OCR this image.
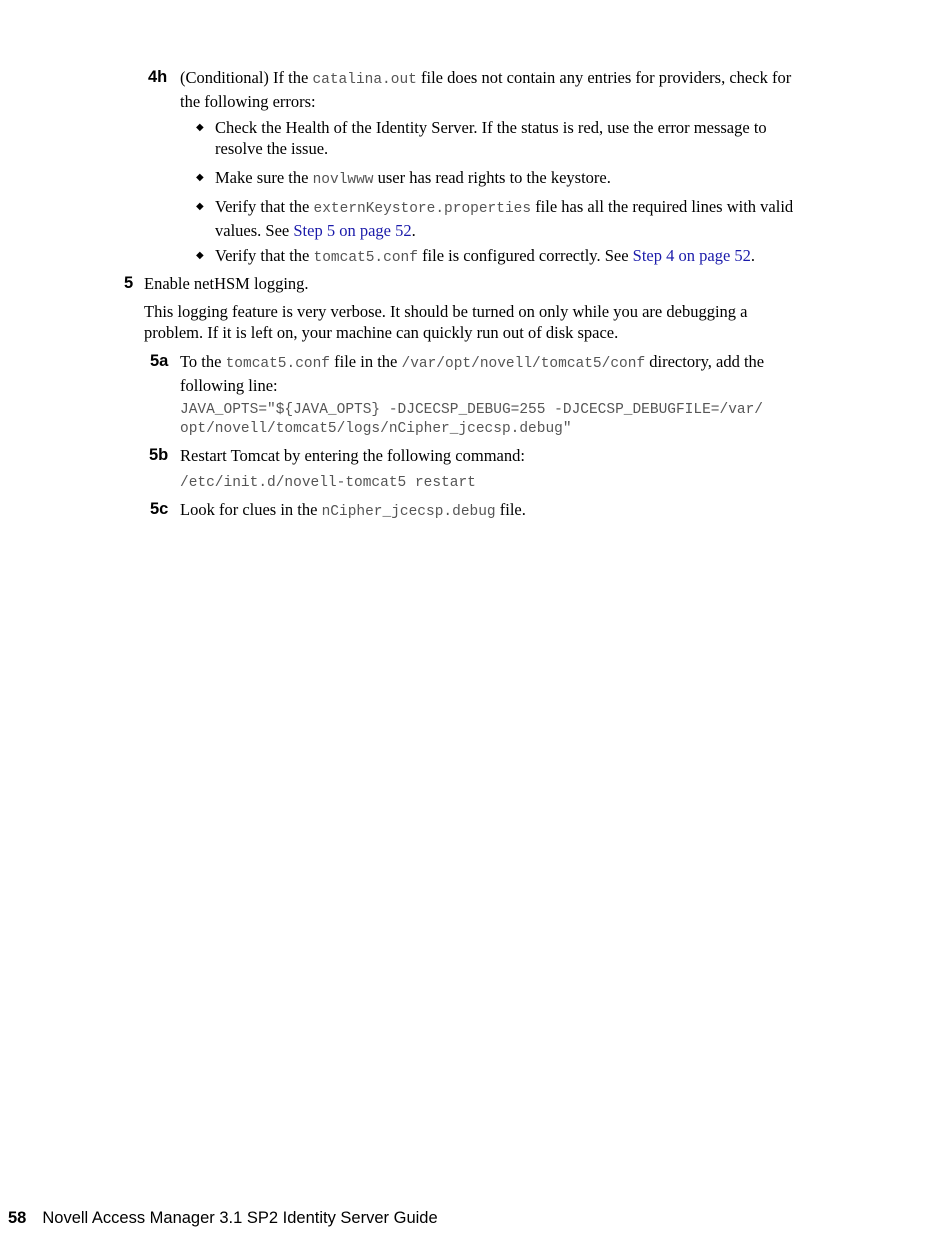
4h (Conditional) If the catalina.out file does not contain any entries for providers, check for the following errors:
◆ Check the Health of the Identity Server. If the status is red, use the error message to resolve the issue.
◆ Make sure the novlwww user has read rights to the keystore.
◆ Verify that the externKeystore.properties file has all the required lines with valid values. See Step 5 on page 52.
◆ Verify that the tomcat5.conf file is configured correctly. See Step 4 on page 52.
5 Enable netHSM logging.
This logging feature is very verbose. It should be turned on only while you are debugging a problem. If it is left on, your machine can quickly run out of disk space.
5a To the tomcat5.conf file in the /var/opt/novell/tomcat5/conf directory, add the following line:
JAVA_OPTS="${JAVA_OPTS} -DJCECSP_DEBUG=255 -DJCECSP_DEBUGFILE=/var/
opt/novell/tomcat5/logs/nCipher_jcecsp.debug"
5b Restart Tomcat by entering the following command:
/etc/init.d/novell-tomcat5 restart
5c Look for clues in the nCipher_jcecsp.debug file.
58 Novell Access Manager 3.1 SP2 Identity Server Guide
